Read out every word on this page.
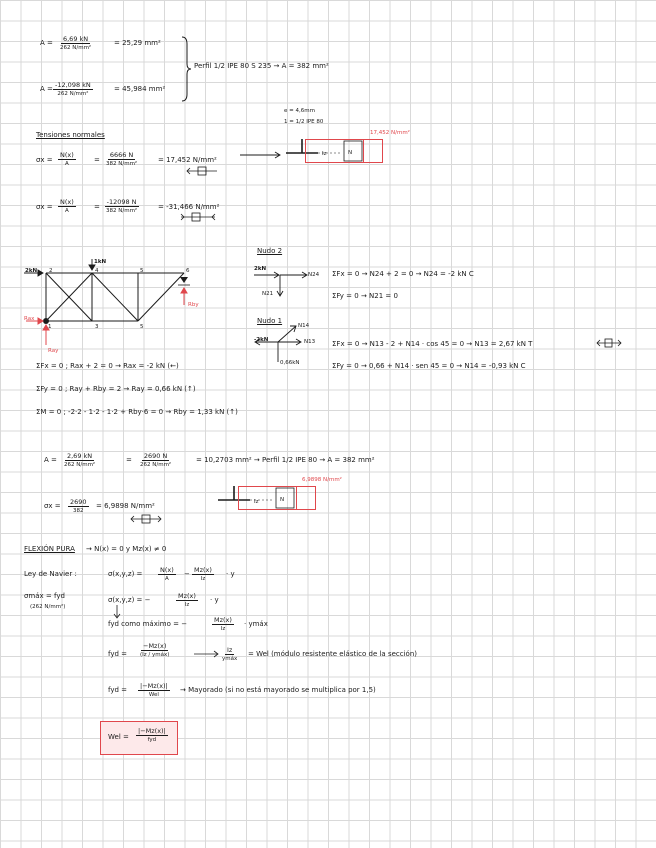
A =	6,69 kN
262 N/mm²
= 25,29 mm²
A = -12,098 kN
262 N/mm²
= 45,984 mm²
Perfil 1/2 IPE 80 S 235 → A = 382 mm²
Tensiones normales
e = 4,6mm
1 = 1/2 IPE 80
σx =
N(x)
A	=
6666 N
382 N/mm²	= 17,452 N/mm²
Iz	N
17,452 N/mm²
σx =
N(x)
A	=
-12098 N
382 N/mm²	= -31,466 N/mm²
2kN
1kN
Rax
Ray
Rby
2	4	5	6
1	3	5
ΣFx = 0 ; Rax + 2 = 0 → Rax = -2 kN (←)
ΣFy = 0 ; Ray + Rby = 2 → Ray = 0,66 kN (↑)
ΣM = 0 ; -2·2 - 1·2 - 1·2 + Rby·6 = 0 → Rby = 1,33 kN (↑)
Nudo 2
2kN
N24
N21
ΣFx = 0 → N24 + 2 = 0 → N24 = -2 kN C
ΣFy = 0 → N21 = 0
Nudo 1
-2kN
N14
N13
0,66kN
ΣFx = 0 → N13 - 2 + N14 · cos 45 = 0 → N13 = 2,67 kN T
ΣFy = 0 → 0,66 + N14 · sen 45 = 0 → N14 = -0,93 kN C
A =	2,69 kN
262 N/mm²
=	2690 N
262 N/mm²
= 10,2703 mm² → Perfil 1/2 IPE 80 → A = 382 mm²
σx =	2690
382
= 6,9898 N/mm²	Iz	N
6,9898 N/mm²
FLEXIÓN PURA → N(x) = 0 y Mz(x) ≠ 0
Ley de Navier :	σ(x,y,z) =	N(x)
A
− Mz(x)
Iz
· y
σmáx = fyd
(262 N/mm²)
σ(x,y,z) = −	Mz(x)
Iz
· y
fyd como máximo = −	Mz(x)
Iz
· ymáx
fyd =
−Mz(x)
(Iz / ymáx)
Iz
ymáx
= Wel (módulo resistente elástico de la sección)
fyd =	|−Mz(x)|
Wel
→ Mayorado (si no está mayorado se multiplica por 1,5)
Wel =
|−Mz(x)|
fyd
